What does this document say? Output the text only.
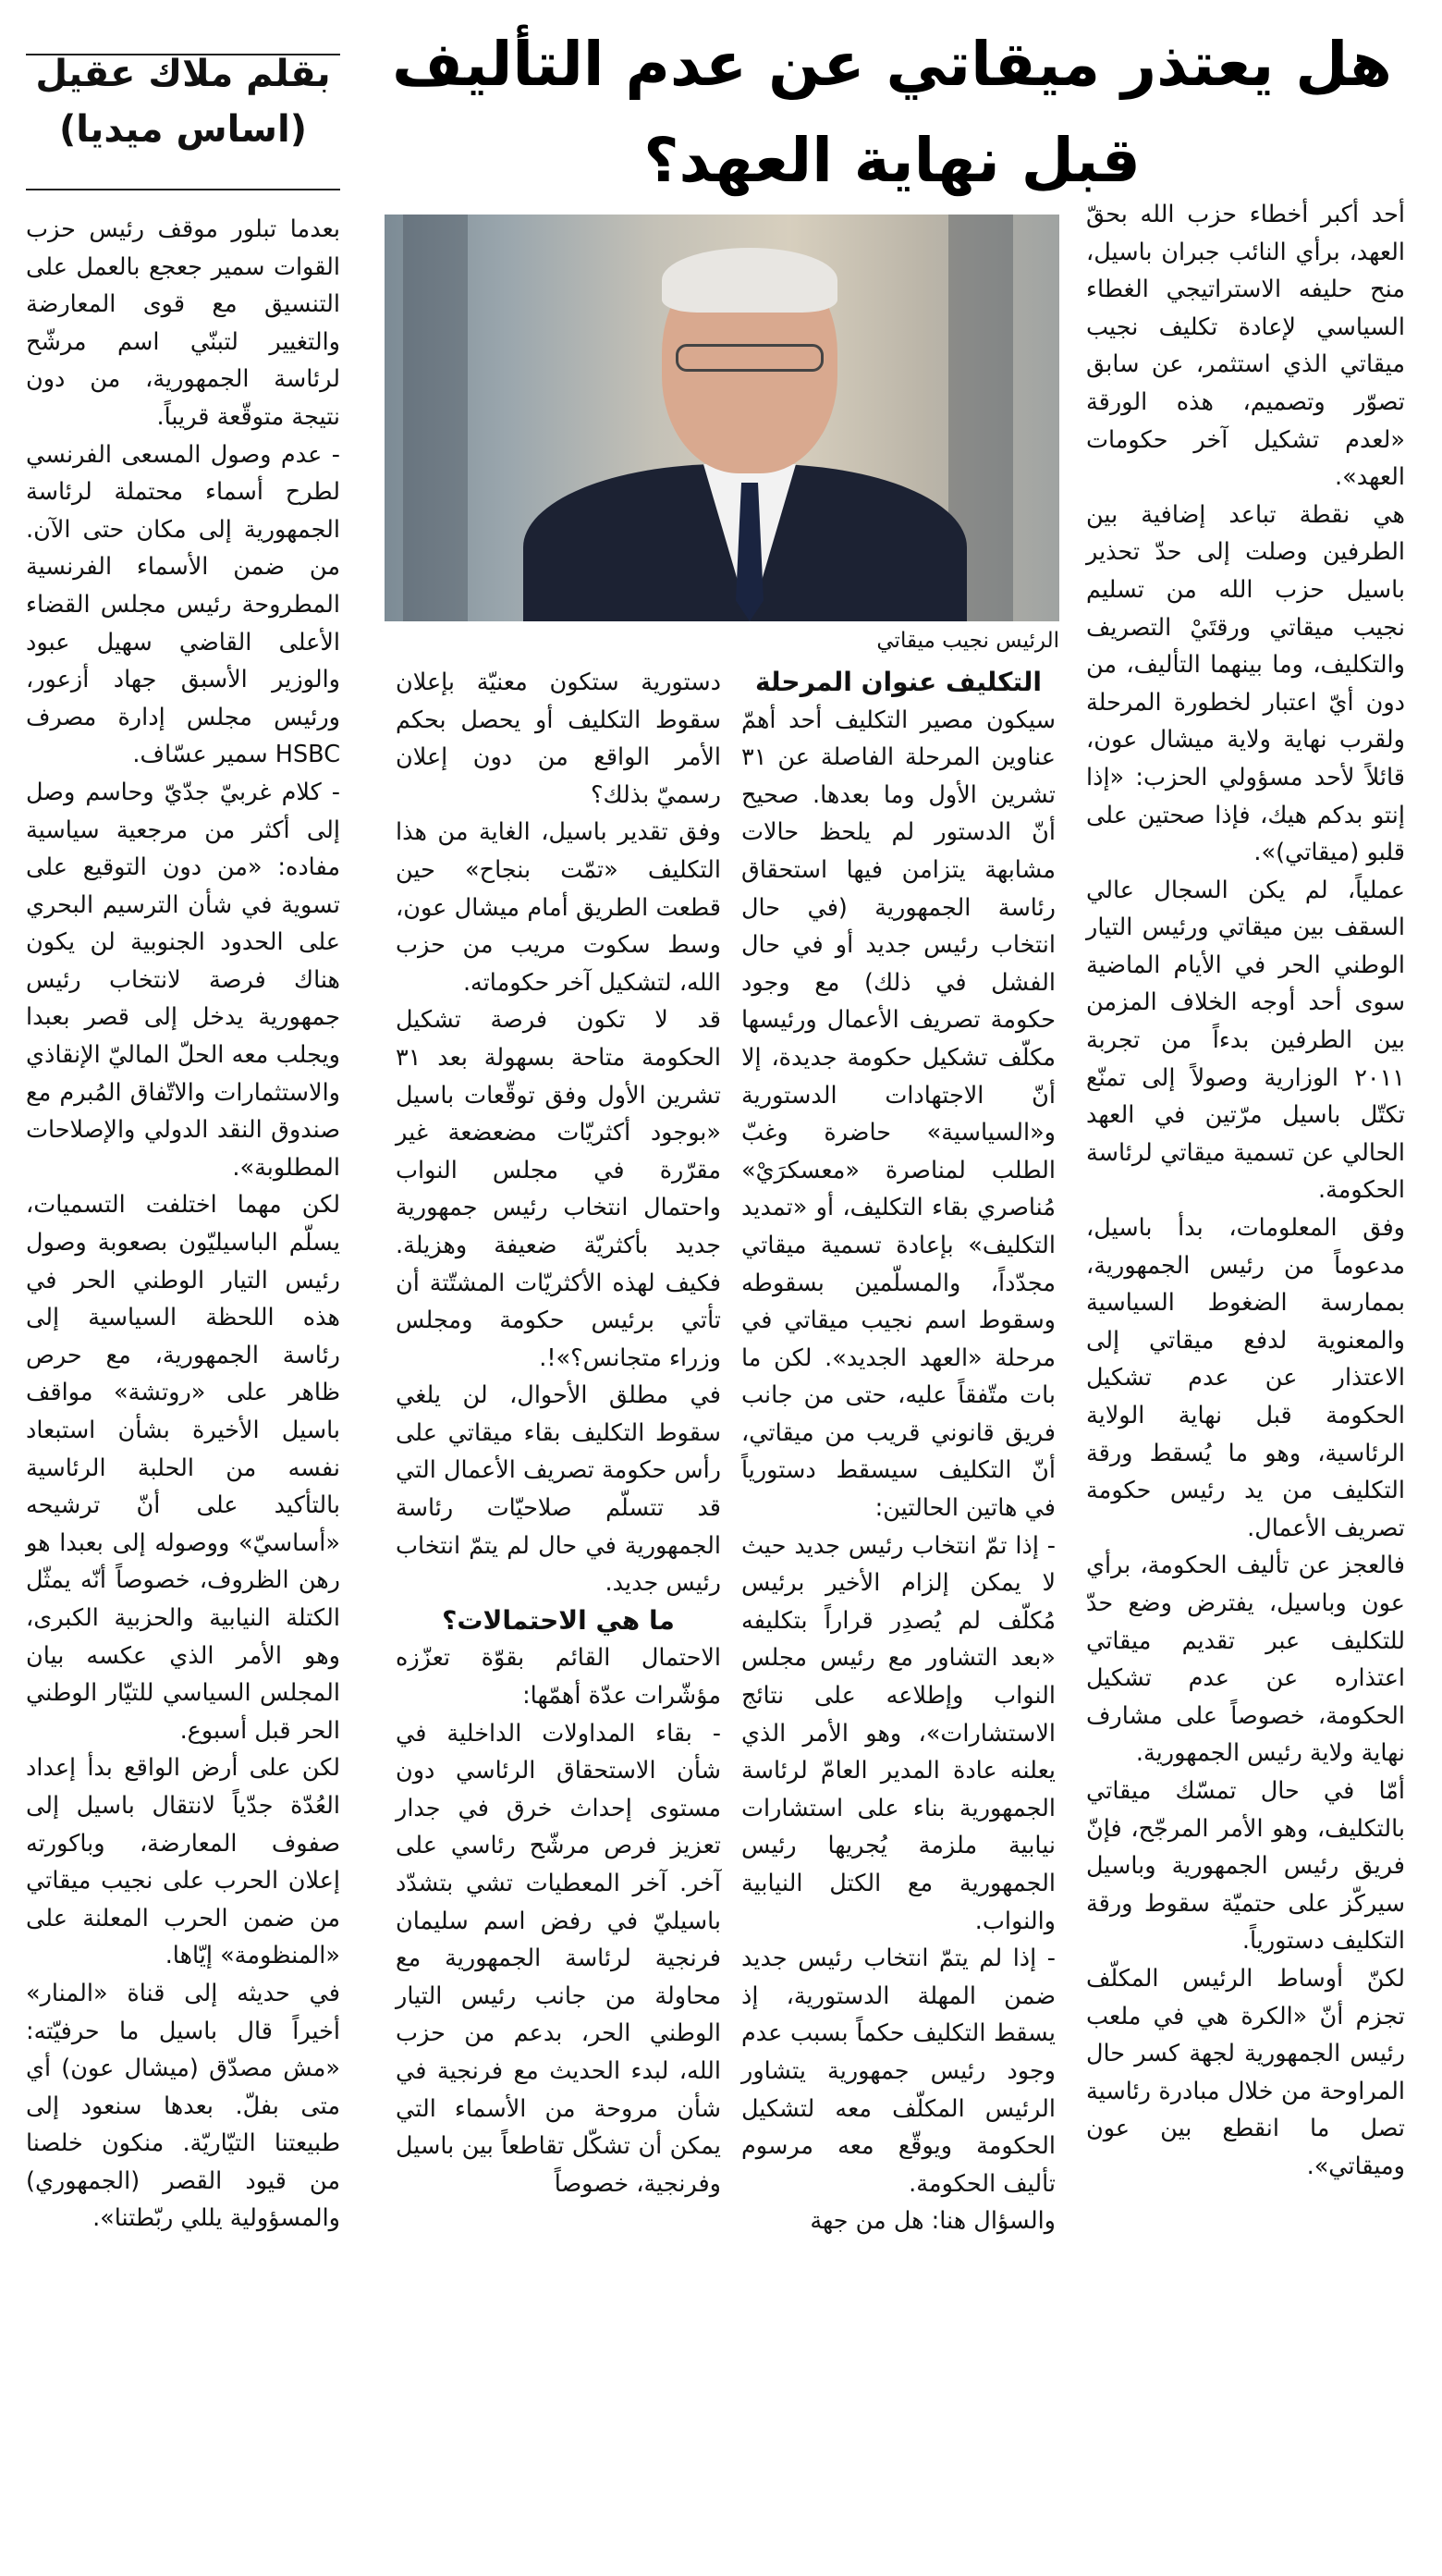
هل يعتذر ميقاتي عن عدم التأليف
قبل نهاية العهد؟
بقلم ملاك عقيل
(اساس ميديا)
الرئيس نجيب ميقاتي

أحد أكبر أخطاء حزب الله بحقّ العهد، برأي النائب جبران باسيل، منح حليفه الاستراتيجي الغطاء السياسي لإعادة تكليف نجيب ميقاتي الذي استثمر، عن سابق تصوّر وتصميم، هذه الورقة «لعدم تشكيل آخر حكومات العهد».

هي نقطة تباعد إضافية بين الطرفين وصلت إلى حدّ تحذير باسيل حزب الله من تسليم نجيب ميقاتي ورقتَيْ التصريف والتكليف، وما بينهما التأليف، من دون أيّ اعتبار لخطورة المرحلة ولقرب نهاية ولاية ميشال عون، قائلاً لأحد مسؤولي الحزب: «إذا إنتو بدكم هيك، فإذا صحتين على قلبو (ميقاتي)».

عملياً، لم يكن السجال عالي السقف بين ميقاتي ورئيس التيار الوطني الحر في الأيام الماضية سوى أحد أوجه الخلاف المزمن بين الطرفين بدءاً من تجربة ٢٠١١ الوزارية وصولاً إلى تمنّع تكتّل باسيل مرّتين في العهد الحالي عن تسمية ميقاتي لرئاسة الحكومة.

وفق المعلومات، بدأ باسيل، مدعوماً من رئيس الجمهورية، بممارسة الضغوط السياسية والمعنوية لدفع ميقاتي إلى الاعتذار عن عدم تشكيل الحكومة قبل نهاية الولاية الرئاسية، وهو ما يُسقط ورقة التكليف من يد رئيس حكومة تصريف الأعمال.

فالعجز عن تأليف الحكومة، برأي عون وباسيل، يفترض وضع حدّ للتكليف عبر تقديم ميقاتي اعتذاره عن عدم تشكيل الحكومة، خصوصاً على مشارف نهاية ولاية رئيس الجمهورية.

أمّا في حال تمسّك ميقاتي بالتكليف، وهو الأمر المرجّح، فإنّ فريق رئيس الجمهورية وباسيل سيركّز على حتميّة سقوط ورقة التكليف دستورياً.

لكنّ أوساط الرئيس المكلّف تجزم أنّ «الكرة هي في ملعب رئيس الجمهورية لجهة كسر حال المراوحة من خلال مبادرة رئاسية تصل ما انقطع بين عون وميقاتي».

التكليف عنوان المرحلة

سيكون مصير التكليف أحد أهمّ عناوين المرحلة الفاصلة عن ٣١ تشرين الأول وما بعدها. صحيح أنّ الدستور لم يلحظ حالات مشابهة يتزامن فيها استحقاق رئاسة الجمهورية (في حال انتخاب رئيس جديد أو في حال الفشل في ذلك) مع وجود حكومة تصريف الأعمال ورئيسها مكلّف تشكيل حكومة جديدة، إلا أنّ الاجتهادات الدستورية و«السياسية» حاضرة وغبّ الطلب لمناصرة «معسكرَيْ» مُناصري بقاء التكليف، أو «تمديد التكليف» بإعادة تسمية ميقاتي مجدّداً، والمسلّمين بسقوطه وسقوط اسم نجيب ميقاتي في مرحلة «العهد الجديد». لكن ما بات متّفقاً عليه، حتى من جانب فريق قانوني قريب من ميقاتي، أنّ التكليف سيسقط دستورياً في هاتين الحالتين:

- إذا تمّ انتخاب رئيس جديد حيث لا يمكن إلزام الأخير برئيس مُكلّف لم يُصدِر قراراً بتكليفه «بعد التشاور مع رئيس مجلس النواب وإطلاعه على نتائج الاستشارات»، وهو الأمر الذي يعلنه عادة المدير العامّ لرئاسة الجمهورية بناء على استشارات نيابية ملزمة يُجريها رئيس الجمهورية مع الكتل النيابية والنواب.

- إذا لم يتمّ انتخاب رئيس جديد ضمن المهلة الدستورية، إذ يسقط التكليف حكماً بسبب عدم وجود رئيس جمهورية يتشاور الرئيس المكلّف معه لتشكيل الحكومة ويوقّع معه مرسوم تأليف الحكومة.

والسؤال هنا: هل من جهة

دستورية ستكون معنيّة بإعلان سقوط التكليف أو يحصل بحكم الأمر الواقع من دون إعلان رسميّ بذلك؟

وفق تقدير باسيل، الغاية من هذا التكليف «تمّت بنجاح» حين قطعت الطريق أمام ميشال عون، وسط سكوت مريب من حزب الله، لتشكيل آخر حكوماته.

قد لا تكون فرصة تشكيل الحكومة متاحة بسهولة بعد ٣١ تشرين الأول وفق توقّعات باسيل «بوجود أكثريّات مضعضعة غير مقرّرة في مجلس النواب واحتمال انتخاب رئيس جمهورية جديد بأكثريّة ضعيفة وهزيلة. فكيف لهذه الأكثريّات المشتّتة أن تأتي برئيس حكومة ومجلس وزراء متجانس؟»!.

في مطلق الأحوال، لن يلغي سقوط التكليف بقاء ميقاتي على رأس حكومة تصريف الأعمال التي قد تتسلّم صلاحيّات رئاسة الجمهورية في حال لم يتمّ انتخاب رئيس جديد.

ما هي الاحتمالات؟

الاحتمال القائم بقوّة تعزّزه مؤشّرات عدّة أهمّها:

- بقاء المداولات الداخلية في شأن الاستحقاق الرئاسي دون مستوى إحداث خرق في جدار تعزيز فرص مرشّح رئاسي على آخر. آخر المعطيات تشي بتشدّد باسيليّ في رفض اسم سليمان فرنجية لرئاسة الجمهورية مع محاولة من جانب رئيس التيار الوطني الحر، بدعم من حزب الله، لبدء الحديث مع فرنجية في شأن مروحة من الأسماء التي يمكن أن تشكّل تقاطعاً بين باسيل وفرنجية، خصوصاً

بعدما تبلور موقف رئيس حزب القوات سمير جعجع بالعمل على التنسيق مع قوى المعارضة والتغيير لتبنّي اسم مرشّح لرئاسة الجمهورية، من دون نتيجة متوقّعة قريباً.

- عدم وصول المسعى الفرنسي لطرح أسماء محتملة لرئاسة الجمهورية إلى مكان حتى الآن. من ضمن الأسماء الفرنسية المطروحة رئيس مجلس القضاء الأعلى القاضي سهيل عبود والوزير الأسبق جهاد أزعور، ورئيس مجلس إدارة مصرف HSBC سمير عسّاف.

- كلام غربيّ جدّيّ وحاسم وصل إلى أكثر من مرجعية سياسية مفاده: «من دون التوقيع على تسوية في شأن الترسيم البحري على الحدود الجنوبية لن يكون هناك فرصة لانتخاب رئيس جمهورية يدخل إلى قصر بعبدا ويجلب معه الحلّ الماليّ الإنقاذي والاستثمارات والاتّفاق المُبرم مع صندوق النقد الدولي والإصلاحات المطلوبة».

لكن مهما اختلفت التسميات، يسلّم الباسيليّون بصعوبة وصول رئيس التيار الوطني الحر في هذه اللحظة السياسية إلى رئاسة الجمهورية، مع حرص ظاهر على «روتشة» مواقف باسيل الأخيرة بشأن استبعاد نفسه من الحلبة الرئاسية بالتأكيد على أنّ ترشيحه «أساسيّ» ووصوله إلى بعبدا هو رهن الظروف، خصوصاً أنّه يمثّل الكتلة النيابية والحزبية الكبرى، وهو الأمر الذي عكسه بيان المجلس السياسي للتيّار الوطني الحر قبل أسبوع.

لكن على أرض الواقع بدأ إعداد العُدّة جدّياً لانتقال باسيل إلى صفوف المعارضة، وباكورته إعلان الحرب على نجيب ميقاتي من ضمن الحرب المعلنة على «المنظومة» إيّاها.

في حديثه إلى قناة «المنار» أخيراً قال باسيل ما حرفيّته: «مش مصدّق (ميشال عون) أي متى بفلّ. بعدها سنعود إلى طبيعتنا التيّاريّة. منكون خلصنا من قيود القصر (الجمهوري) والمسؤولية يللي ربّطتنا».
